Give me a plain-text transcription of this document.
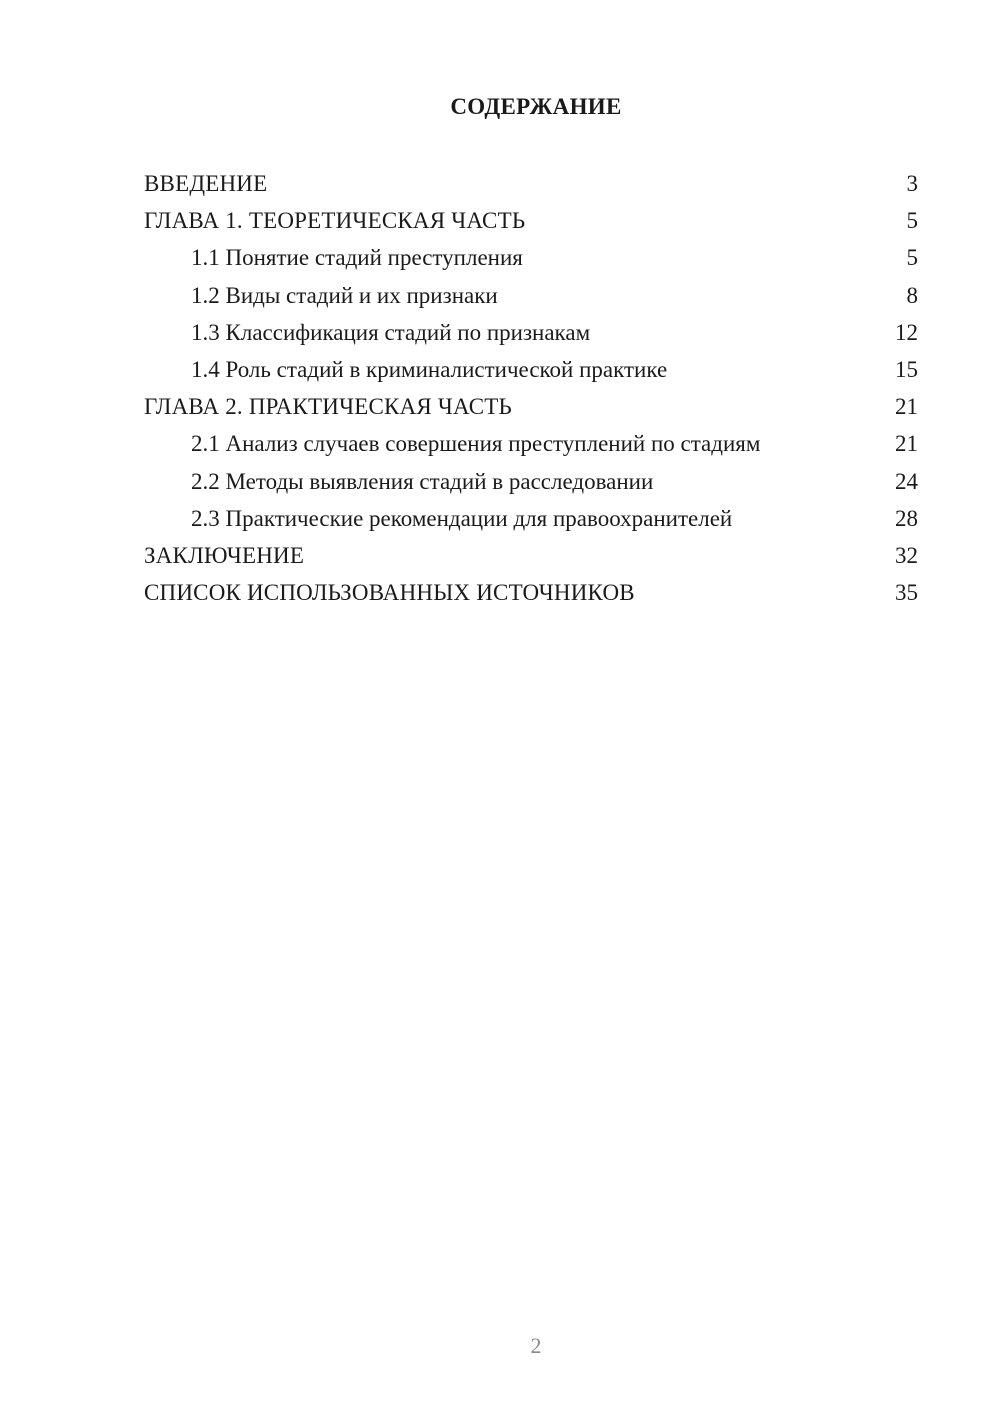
СОДЕРЖАНИЕ
ВВЕДЕНИЕ	3
ГЛАВА 1. ТЕОРЕТИЧЕСКАЯ ЧАСТЬ	5
1.1 Понятие стадий преступления	5
1.2 Виды стадий и их признаки	8
1.3 Классификация стадий по признакам	12
1.4 Роль стадий в криминалистической практике	15
ГЛАВА 2. ПРАКТИЧЕСКАЯ ЧАСТЬ	21
2.1 Анализ случаев совершения преступлений по стадиям	21
2.2 Методы выявления стадий в расследовании	24
2.3 Практические рекомендации для правоохранителей	28
ЗАКЛЮЧЕНИЕ	32
СПИСОК ИСПОЛЬЗОВАННЫХ ИСТОЧНИКОВ	35
2
